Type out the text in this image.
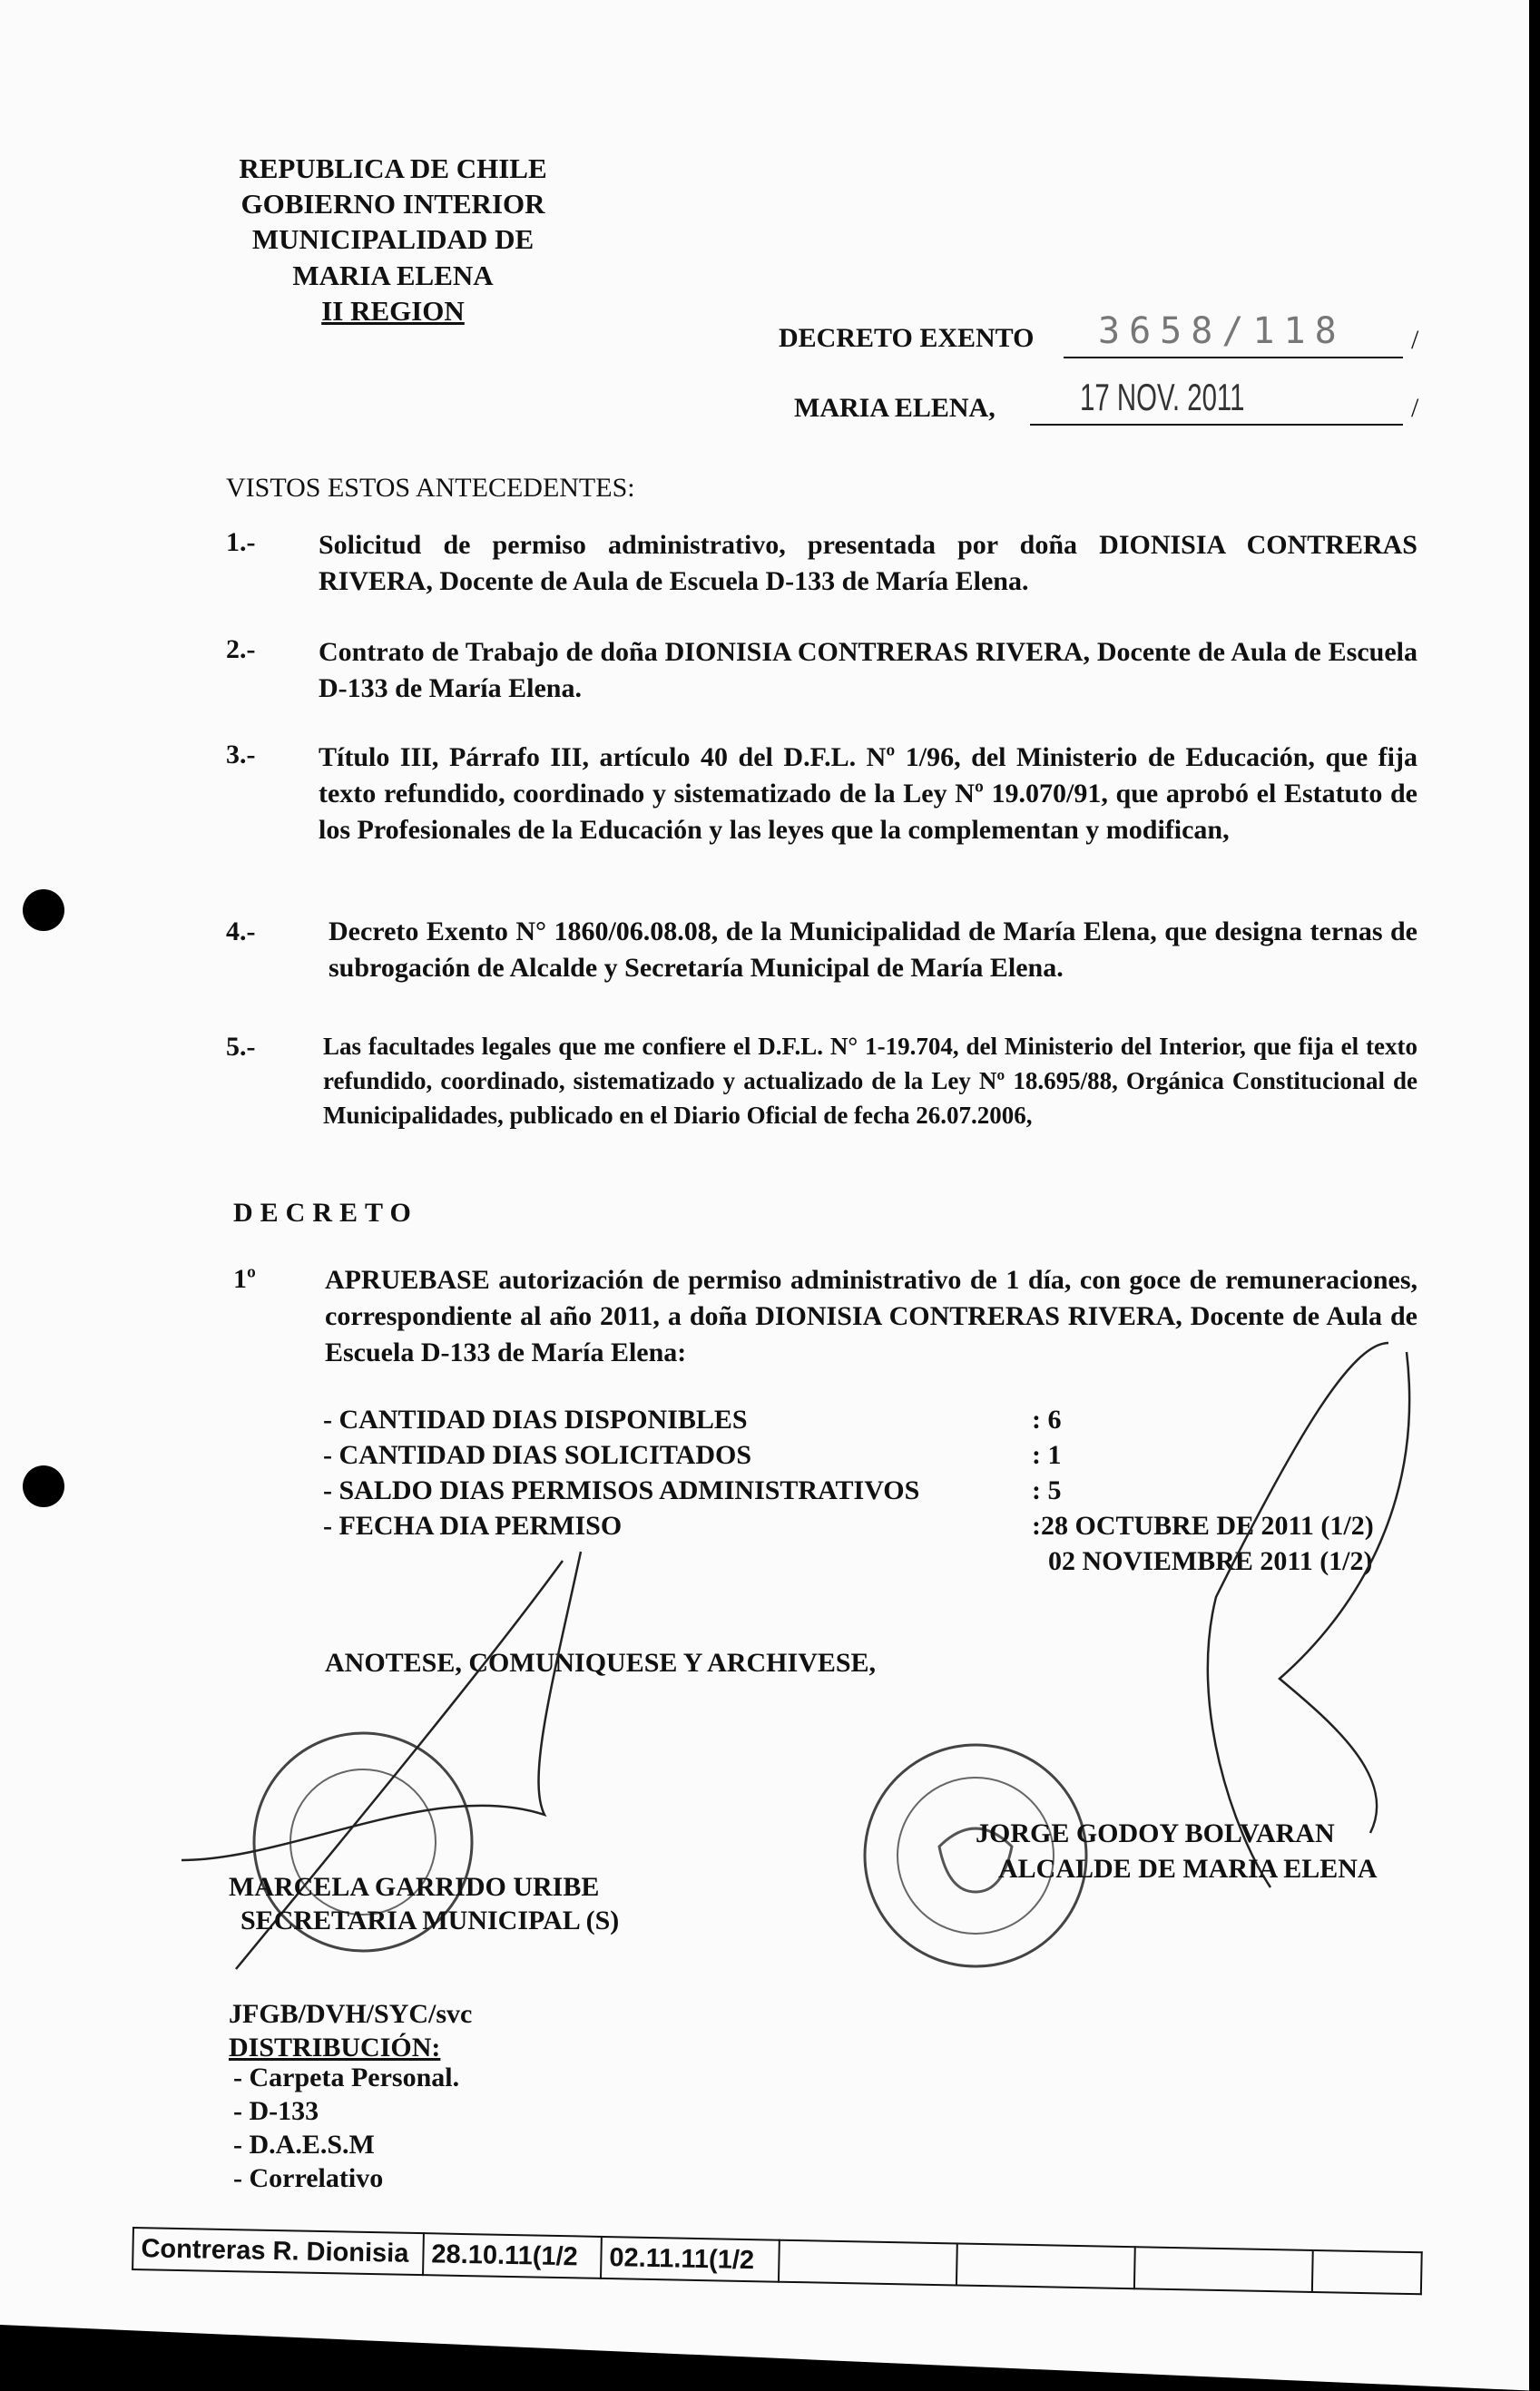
REPUBLICA DE CHILE
GOBIERNO INTERIOR
MUNICIPALIDAD DE
MARIA ELENA
II REGION
DECRETO EXENTO 3658/118 /
MARIA ELENA, 17 NOV. 2011	/
VISTOS ESTOS ANTECEDENTES:
1.- Solicitud de permiso administrativo, presentada por doña DIONISIA CONTRERAS RIVERA, Docente de Aula de Escuela D-133 de María Elena.
2.- Contrato de Trabajo de doña DIONISIA CONTRERAS RIVERA, Docente de Aula de Escuela D-133 de María Elena.
3.- Título III, Párrafo III, artículo 40 del D.F.L. Nº 1/96, del Ministerio de Educación, que fija texto refundido, coordinado y sistematizado de la Ley Nº 19.070/91, que aprobó el Estatuto de los Profesionales de la Educación y las leyes que la complementan y modifican,
4.-	Decreto Exento N° 1860/06.08.08, de la Municipalidad de María Elena, que designa ternas de subrogación de Alcalde y Secretaría Municipal de María Elena.
5.-	Las facultades legales que me confiere el D.F.L. N° 1-19.704, del Ministerio del Interior, que fija el texto refundido, coordinado, sistematizado y actualizado de la Ley Nº 18.695/88, Orgánica Constitucional de Municipalidades, publicado en el Diario Oficial de fecha 26.07.2006,
DECRETO
1º	APRUEBASE autorización de permiso administrativo de 1 día, con goce de remuneraciones, correspondiente al año 2011, a doña DIONISIA CONTRERAS RIVERA, Docente de Aula de Escuela D-133 de María Elena:
- CANTIDAD DIAS DISPONIBLES	: 6
- CANTIDAD DIAS SOLICITADOS	: 1
- SALDO DIAS PERMISOS ADMINISTRATIVOS	: 5
- FECHA DIA PERMISO	:28 OCTUBRE DE 2011 (1/2)
02 NOVIEMBRE 2011 (1/2)
ANOTESE, COMUNIQUESE Y ARCHIVESE,
MARCELA GARRIDO URIBE
SECRETARIA MUNICIPAL (S)
JORGE GODOY BOLVARAN
ALCALDE DE MARIA ELENA
JFGB/DVH/SYC/svc
DISTRIBUCIÓN:
- Carpeta Personal.
- D-133
- D.A.E.S.M
- Correlativo
Contreras R. Dionisia	28.10.11(1/2	02.11.11(1/2				
